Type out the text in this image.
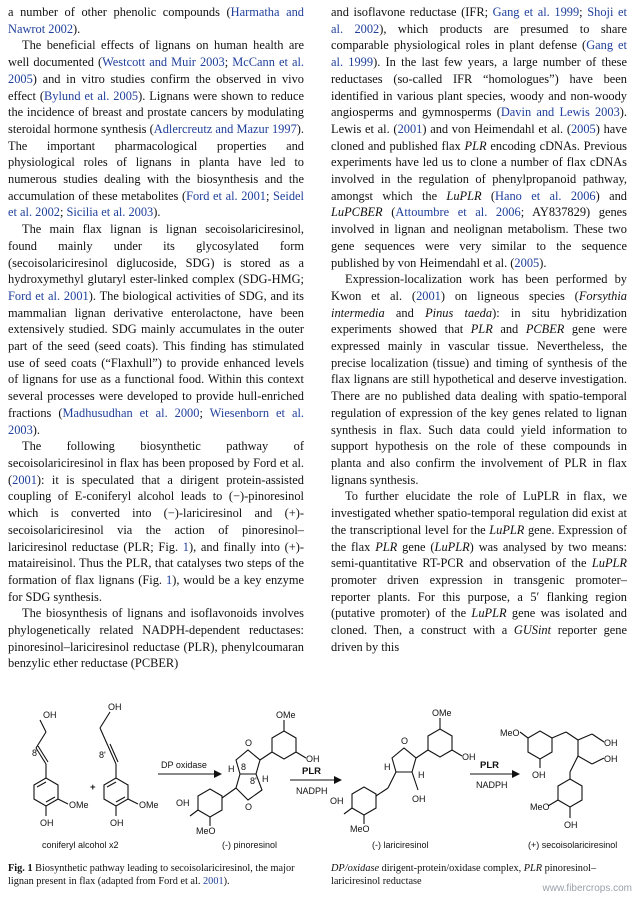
a number of other phenolic compounds (Harmatha and Nawrot 2002).

The beneficial effects of lignans on human health are well documented (Westcott and Muir 2003; McCann et al. 2005) and in vitro studies confirm the observed in vivo effect (Bylund et al. 2005). Lignans were shown to reduce the incidence of breast and prostate cancers by modulating steroidal hormone synthesis (Adlercreutz and Mazur 1997). The important pharmacological properties and physiological roles of lignans in planta have led to numerous studies dealing with the biosynthesis and the accumulation of these metabolites (Ford et al. 2001; Seidel et al. 2002; Sicilia et al. 2003).

The main flax lignan is lignan secoisolariciresinol, found mainly under its glycosylated form (secoisolariciresinol diglucoside, SDG) is stored as a hydroxymethyl glutaryl ester-linked complex (SDG-HMG; Ford et al. 2001). The biological activities of SDG, and its mammalian lignan derivative enterolactone, have been extensively studied. SDG mainly accumulates in the outer part of the seed (seed coats). This finding has stimulated use of seed coats (“Flaxhull”) to provide enhanced levels of lignans for use as a functional food. Within this context several processes were developed to provide hull-enriched fractions (Madhusudhan et al. 2000; Wiesenborn et al. 2003).

The following biosynthetic pathway of secoisolariciresinol in flax has been proposed by Ford et al. (2001): it is speculated that a dirigent protein-assisted coupling of E-coniferyl alcohol leads to (−)-pinoresinol which is converted into (−)-lariciresinol and (+)-secoisolariciresinol via the action of pinoresinol–lariciresinol reductase (PLR; Fig. 1), and finally into (+)-mataireisinol. Thus the PLR, that catalyses two steps of the formation of flax lignans (Fig. 1), would be a key enzyme for SDG synthesis.

The biosynthesis of lignans and isoflavonoids involves phylogenetically related NADPH-dependent reductases: pinoresinol–lariciresinol reductase (PLR), phenylcoumaran benzylic ether reductase (PCBER)

and isoflavone reductase (IFR; Gang et al. 1999; Shoji et al. 2002), which products are presumed to share comparable physiological roles in plant defense (Gang et al. 1999). In the last few years, a large number of these reductases (so-called IFR “homologues”) have been identified in various plant species, woody and non-woody angiosperms and gymnosperms (Davin and Lewis 2003). Lewis et al. (2001) and von Heimendahl et al. (2005) have cloned and published flax PLR encoding cDNAs. Previous experiments have led us to clone a number of flax cDNAs involved in the regulation of phenylpropanoid pathway, amongst which the LuPLR (Hano et al. 2006) and LuPCBER (Attoumbre et al. 2006; AY837829) genes involved in lignan and neolignan metabolism. These two gene sequences were very similar to the sequence published by von Heimendahl et al. (2005).

Expression-localization work has been performed by Kwon et al. (2001) on ligneous species (Forsythia intermedia and Pinus taeda): in situ hybridization experiments showed that PLR and PCBER gene were expressed mainly in vascular tissue. Nevertheless, the precise localization (tissue) and timing of synthesis of the flax lignans are still hypothetical and deserve investigation. There are no published data dealing with spatio-temporal regulation of expression of the key genes related to lignan synthesis in flax. Such data could yield information to support hypothesis on the role of these compounds in planta and also confirm the involvement of PLR in flax lignans synthesis.

To further elucidate the role of LuPLR in flax, we investigated whether spatio-temporal regulation did exist at the transcriptional level for the LuPLR gene. Expression of the flax PLR gene (LuPLR) was analysed by two means: semi-quantitative RT-PCR and observation of the LuPLR promoter driven expression in transgenic promoter–reporter plants. For this purpose, a 5′ flanking region (putative promoter) of the LuPLR gene was isolated and cloned. Then, a construct with a GUSint reporter gene driven by this

OH
8
OMe
OH
+
OH
8'
OMe
OH
coniferyl alcohol x2
DP oxidase
O
O
H
H
8
8'
OMe
OH
OH
MeO
(-) pinoresinol
PLR
NADPH
O
H
H
OH
OMe
OH
OH
MeO
(-) lariciresinol
PLR
NADPH
MeO
OH
OH
OH
OH
MeO
(+) secoisolariciresinol
Fig. 1 Biosynthetic pathway leading to secoisolariciresinol, the major lignan present in flax (adapted from Ford et al. 2001).
DP/oxidase dirigent-protein/oxidase complex, PLR pinoresinol–lariciresinol reductase
www.fibercrops.com
